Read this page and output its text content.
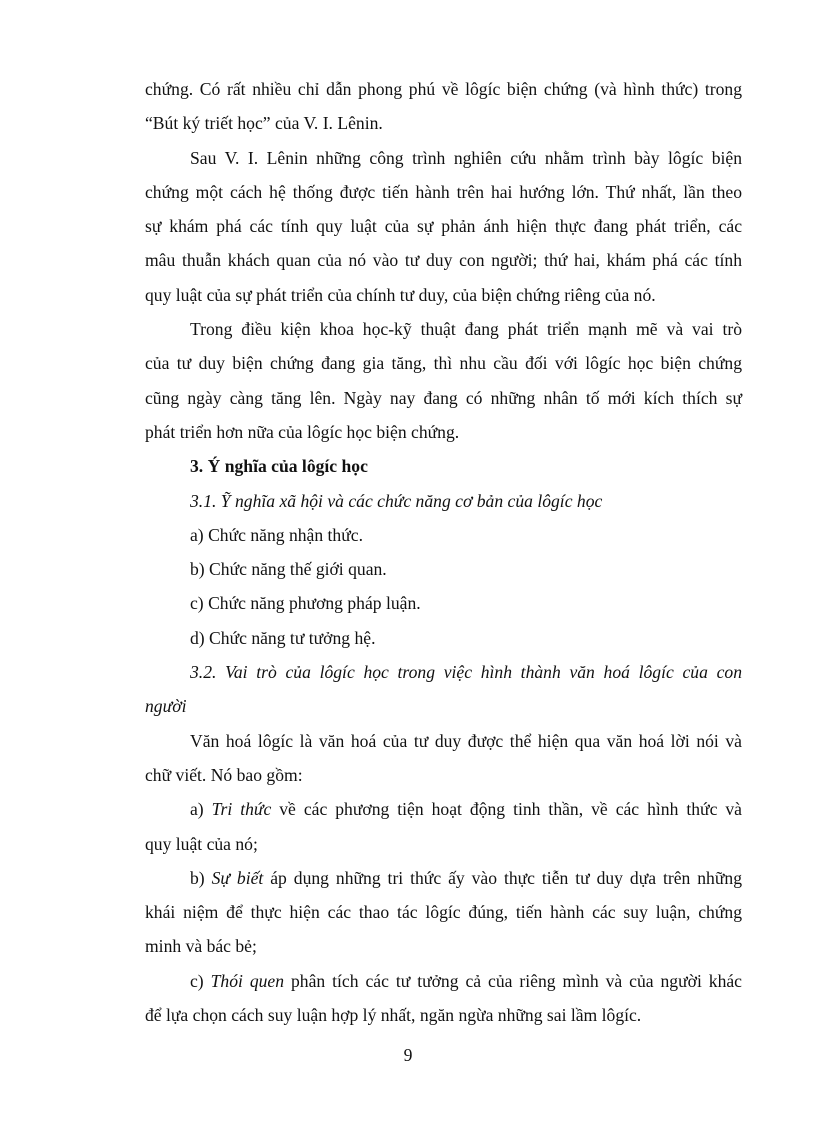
chứng. Có rất nhiều chỉ dẫn phong phú về lôgíc biện chứng (và hình thức) trong

“Bút ký triết học” của V. I. Lênin.

Sau V. I. Lênin những công trình nghiên cứu nhằm trình bày lôgíc biện

chứng một cách hệ thống được tiến hành trên hai hướng lớn. Thứ nhất, lần theo

sự khám phá các tính quy luật của sự phản ánh hiện thực đang phát triển, các

mâu thuẫn khách quan của nó vào tư duy con người; thứ hai, khám phá các tính

quy luật của sự phát triển của chính tư duy, của biện chứng riêng của nó.

Trong điều kiện khoa học-kỹ thuật đang phát triển mạnh mẽ và vai trò

của tư duy biện chứng đang gia tăng, thì nhu cầu đối với lôgíc học biện chứng

cũng ngày càng tăng lên. Ngày nay đang có những nhân tố mới kích thích sự

phát triển hơn nữa của lôgíc học biện chứng.

3. Ý nghĩa của lôgíc học

3.1. Ỹ nghĩa xã hội và các chức năng cơ bản của lôgíc học

a) Chức năng nhận thức.

b) Chức năng thế giới quan.

c) Chức năng phương pháp luận.

d) Chức năng tư tưởng hệ.

3.2. Vai trò của lôgíc học trong việc hình thành văn hoá lôgíc của con

người

Văn hoá lôgíc là văn hoá của tư duy được thể hiện qua văn hoá lời nói và

chữ viết. Nó bao gồm:

a) Tri thức về các phương tiện hoạt động tinh thần, về các hình thức và

quy luật của nó;

b) Sự biết áp dụng những tri thức ấy vào thực tiễn tư duy dựa trên những

khái niệm để thực hiện các thao tác lôgíc đúng, tiến hành các suy luận, chứng

minh và bác bẻ;

c) Thói quen phân tích các tư tưởng cả của riêng mình và của người khác

để lựa chọn cách suy luận hợp lý nhất, ngăn ngừa những sai lầm lôgíc.

9
